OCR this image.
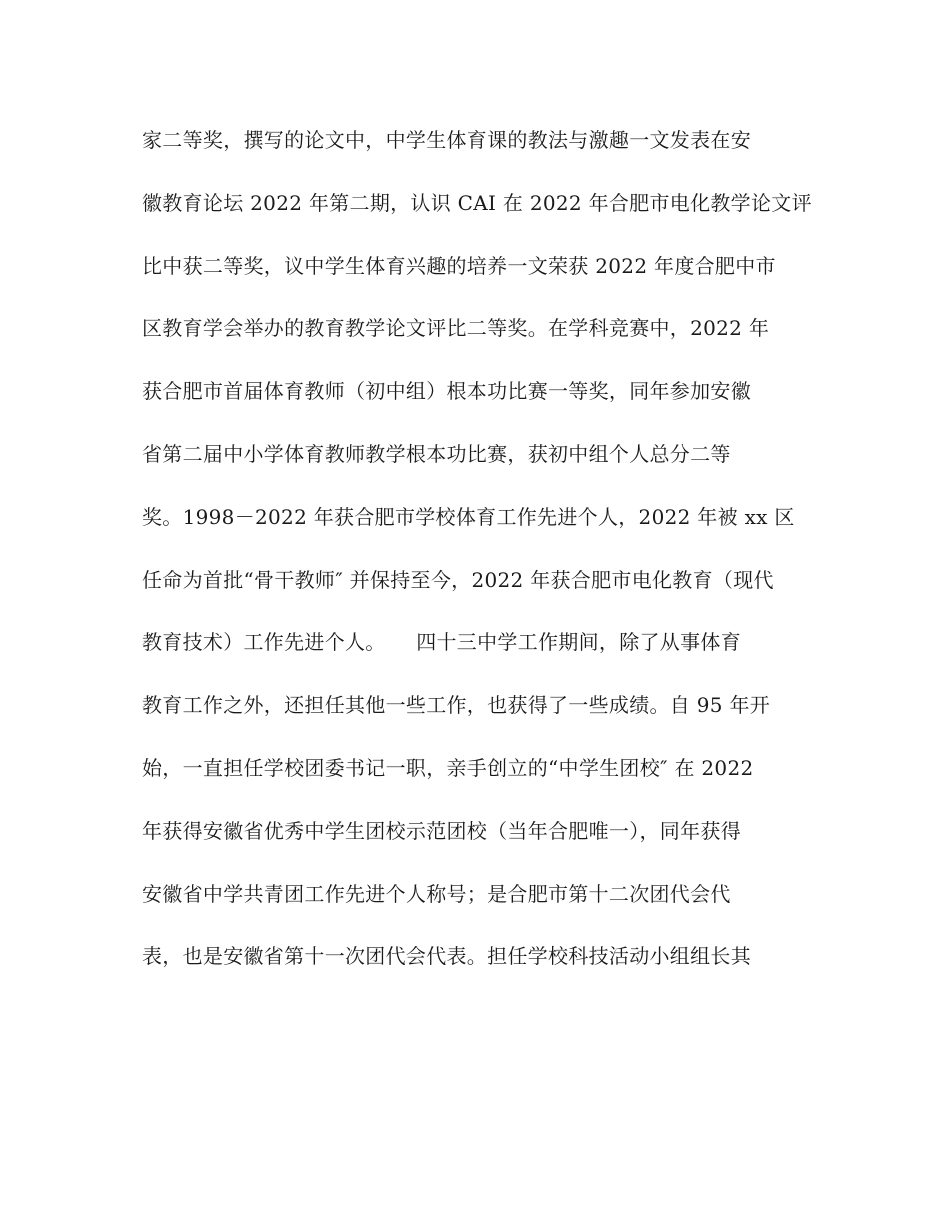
家二等奖，撰写的论文中，中学生体育课的教法与激趣一文发表在安
徽教育论坛 2022 年第二期，认识 CAI 在 2022 年合肥市电化教学论文评
比中获二等奖，议中学生体育兴趣的培养一文荣获 2022 年度合肥中市
区教育学会举办的教育教学论文评比二等奖。在学科竞赛中，2022 年
获合肥市首届体育教师（初中组）根本功比赛一等奖，同年参加安徽
省第二届中小学体育教师教学根本功比赛，获初中组个人总分二等
奖。1998－2022 年获合肥市学校体育工作先进个人，2022 年被 xx 区
任命为首批“骨干教师″ 并保持至今，2022 年获合肥市电化教育（现代
教育技术）工作先进个人。　　四十三中学工作期间，除了从事体育
教育工作之外，还担任其他一些工作，也获得了一些成绩。自 95 年开
始，一直担任学校团委书记一职，亲手创立的“中学生团校″ 在 2022
年获得安徽省优秀中学生团校示范团校（当年合肥唯一），同年获得
安徽省中学共青团工作先进个人称号；是合肥市第十二次团代会代
表，也是安徽省第十一次团代会代表。担任学校科技活动小组组长其
